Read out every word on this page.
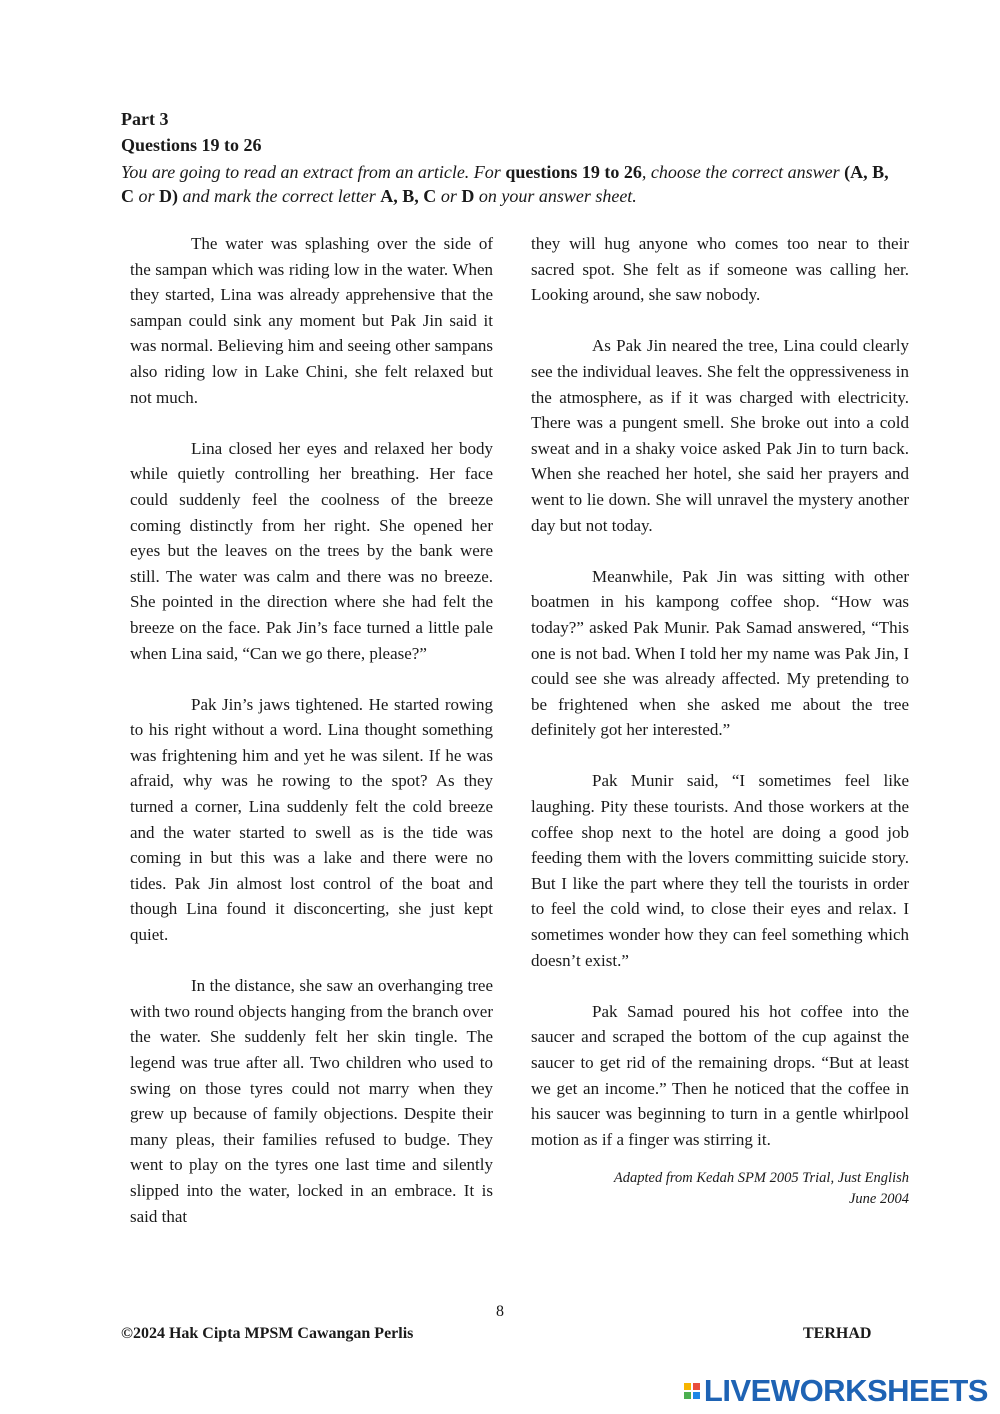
Part 3
Questions 19 to 26
You are going to read an extract from an article. For questions 19 to 26, choose the correct answer (A, B, C or D) and mark the correct letter A, B, C or D on your answer sheet.

The water was splashing over the side of the sampan which was riding low in the water. When they started, Lina was already apprehensive that the sampan could sink any moment but Pak Jin said it was normal. Believing him and seeing other sampans also riding low in Lake Chini, she felt relaxed but not much.

Lina closed her eyes and relaxed her body while quietly controlling her breathing. Her face could suddenly feel the coolness of the breeze coming distinctly from her right. She opened her eyes but the leaves on the trees by the bank were still. The water was calm and there was no breeze. She pointed in the direction where she had felt the breeze on the face. Pak Jin’s face turned a little pale when Lina said, “Can we go there, please?”

Pak Jin’s jaws tightened. He started rowing to his right without a word. Lina thought something was frightening him and yet he was silent. If he was afraid, why was he rowing to the spot? As they turned a corner, Lina suddenly felt the cold breeze and the water started to swell as is the tide was coming in but this was a lake and there were no tides. Pak Jin almost lost control of the boat and though Lina found it disconcerting, she just kept quiet.

In the distance, she saw an overhanging tree with two round objects hanging from the branch over the water. She suddenly felt her skin tingle. The legend was true after all. Two children who used to swing on those tyres could not marry when they grew up because of family objections. Despite their many pleas, their families refused to budge. They went to play on the tyres one last time and silently slipped into the water, locked in an embrace. It is said that

they will hug anyone who comes too near to their sacred spot. She felt as if someone was calling her. Looking around, she saw nobody.

As Pak Jin neared the tree, Lina could clearly see the individual leaves. She felt the oppressiveness in the atmosphere, as if it was charged with electricity. There was a pungent smell. She broke out into a cold sweat and in a shaky voice asked Pak Jin to turn back. When she reached her hotel, she said her prayers and went to lie down. She will unravel the mystery another day but not today.

Meanwhile, Pak Jin was sitting with other boatmen in his kampong coffee shop. “How was today?” asked Pak Munir. Pak Samad answered, “This one is not bad. When I told her my name was Pak Jin, I could see she was already affected. My pretending to be frightened when she asked me about the tree definitely got her interested.”

Pak Munir said, “I sometimes feel like laughing. Pity these tourists. And those workers at the coffee shop next to the hotel are doing a good job feeding them with the lovers committing suicide story. But I like the part where they tell the tourists in order to feel the cold wind, to close their eyes and relax. I sometimes wonder how they can feel something which doesn’t exist.”

Pak Samad poured his hot coffee into the saucer and scraped the bottom of the cup against the saucer to get rid of the remaining drops. “But at least we get an income.” Then he noticed that the coffee in his saucer was beginning to turn in a gentle whirlpool motion as if a finger was stirring it.

Adapted from Kedah SPM 2005 Trial, Just English
June 2004
8
©2024 Hak Cipta MPSM Cawangan Perlis	TERHAD
LIVEWORKSHEETS
